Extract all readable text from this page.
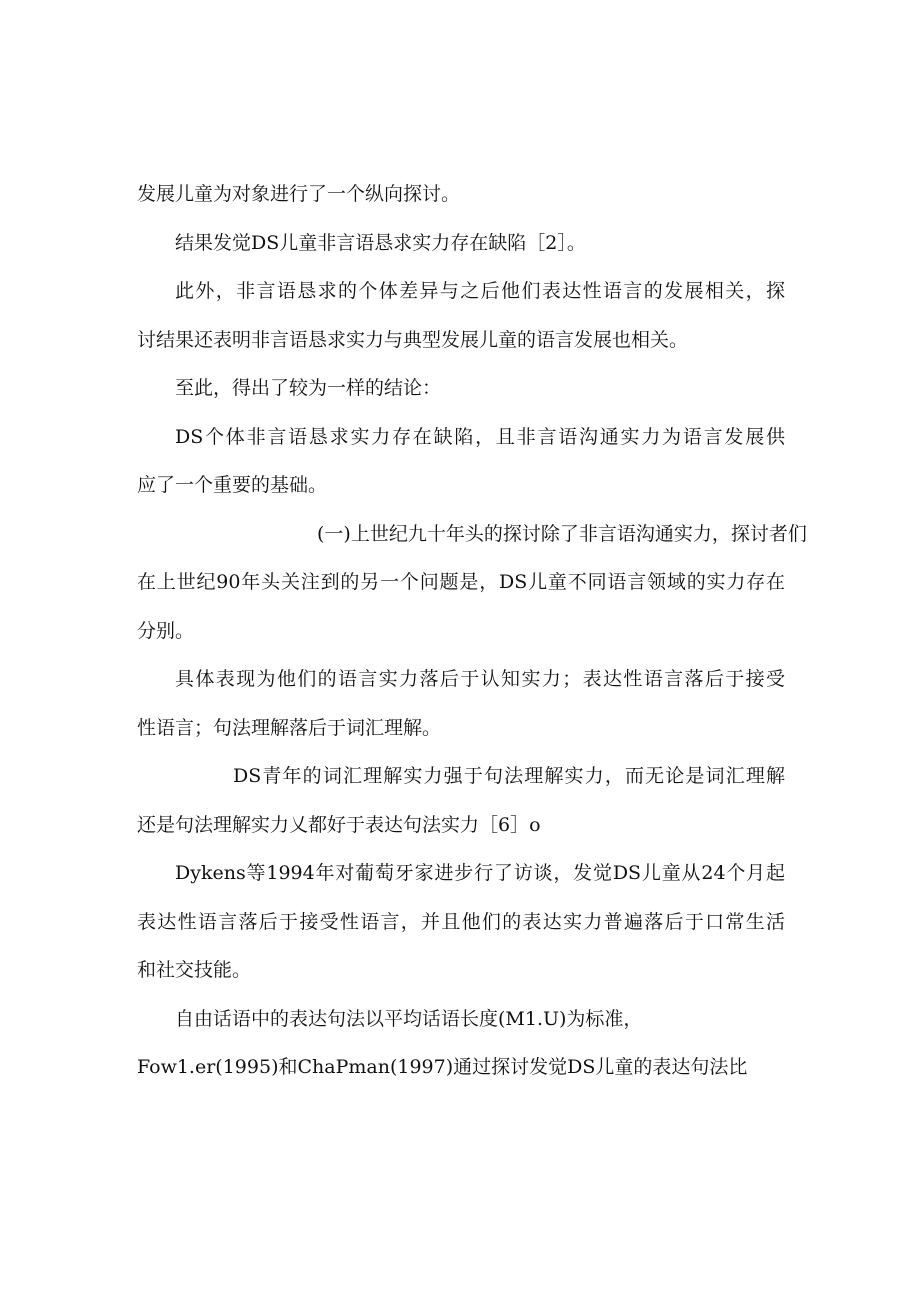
发展儿童为对象进行了一个纵向探讨。
结果发觉DS儿童非言语恳求实力存在缺陷［2］。
此外，非言语恳求的个体差异与之后他们表达性语言的发展相关，探
讨结果还表明非言语恳求实力与典型发展儿童的语言发展也相关。
至此，得出了较为一样的结论：
DS个体非言语恳求实力存在缺陷，且非言语沟通实力为语言发展供
应了一个重要的基础。
(一)上世纪九十年头的探讨除了非言语沟通实力，探讨者们
在上世纪90年头关注到的另一个问题是，DS儿童不同语言领域的实力存在
分别。
具体表现为他们的语言实力落后于认知实力；表达性语言落后于接受
性语言；句法理解落后于词汇理解。
DS青年的词汇理解实力强于句法理解实力，而无论是词汇理解
还是句法理解实力乂都好于表达句法实力［6］o
Dykens等1994年对葡萄牙家进步行了访谈，发觉DS儿童从24个月起
表达性语言落后于接受性语言，并且他们的表达实力普遍落后于口常生活
和社交技能。
自由话语中的表达句法以平均话语长度(M1.U)为标准，
Fow1.er(1995)和ChaPman(1997)通过探讨发觉DS儿童的表达句法比
